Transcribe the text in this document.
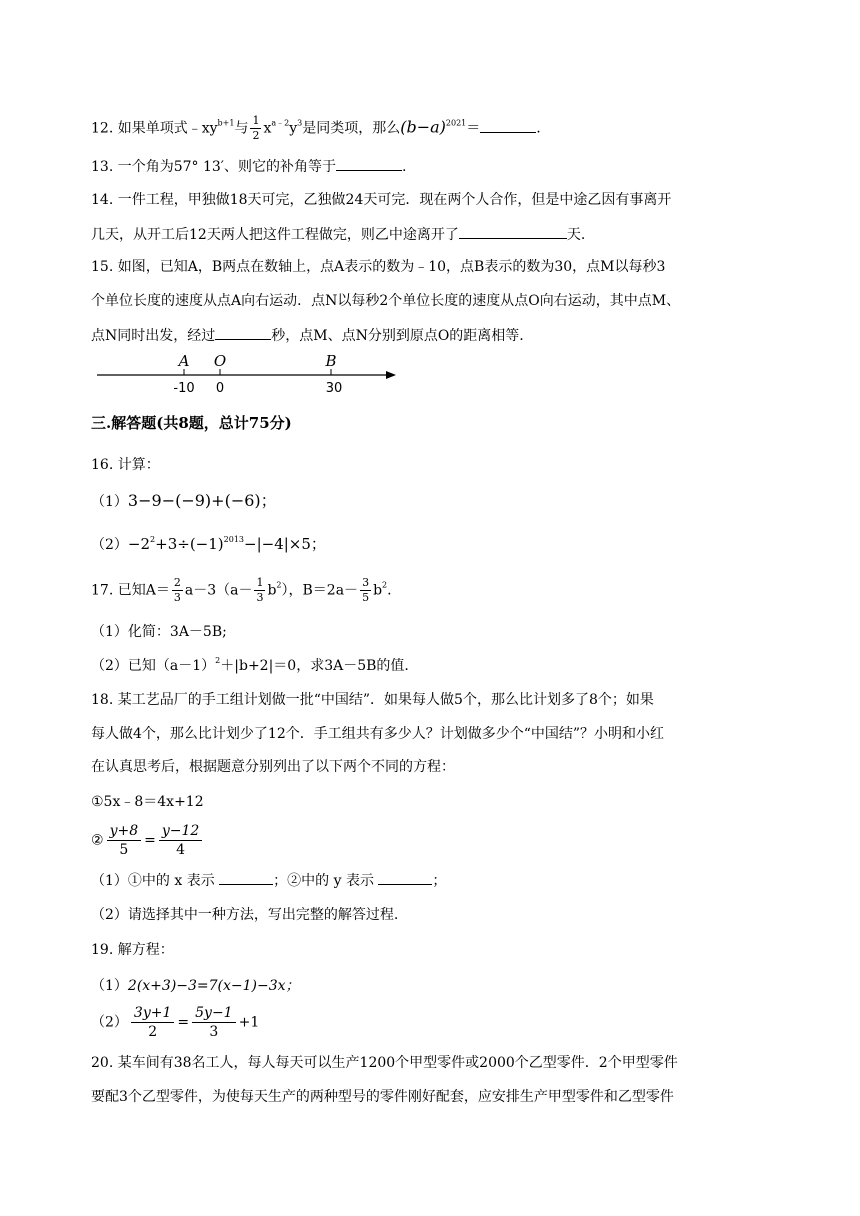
12. 如果单项式$﹣xy^{b+1}$与 $\frac{1}{2} x^{a﹣2}y^3$是同类项，那么$(b-a)^{2021}=$	.
13. 一个角为57° 13′、则它的补角等于	.
14. 一件工程，甲独做18天可完，乙独做24天可完．现在两个人合作，但是中途乙因有事离开
几天，从开工后12天两人把这件工程做完，则乙中途离开了	天.
15. 如图，已知A，B两点在数轴上，点A表示的数为﹣10，点B表示的数为30，点M以每秒3
个单位长度的速度从点A向右运动．点N以每秒2个单位长度的速度从点O向右运动，其中点M、
点N同时出发，经过	秒，点M、点N分别到原点O的距离相等.
A O	B
-10 0	30
三.解答题(共8题，总计75分)
16. 计算：
（1）3−9−(−9)+(−6)；
$(2)-2^2+3\div(-1)^{2013}-|-4|\times 5$；
17. 已知$A= \frac{2}{3} a-3(a- \frac{1}{3} b^2)$，$B=2a- \frac{3}{5} b^2$.
（1）化简：3A－5B;
（2）已知$(a-1)^2+|b+2|=0$，求3A－5B的值.
18. 某工艺品厂的手工组计划做一批“中国结”．如果每人做5个，那么比计划多了8个；如果
每人做4个，那么比计划少了12个．手工组共有多少人？计划做多少个“中国结”？小明和小红
在认真思考后，根据题意分别列出了以下两个不同的方程：
①5x﹣8＝4x+12
② $\frac{y+8}{5} = \frac{y-12}{4}$
（1）①中的 x 表示	；②中的 y 表示	；
（2）请选择其中一种方法，写出完整的解答过程.
19. 解方程：
（1）2(x+3)−3=7(x−1)−3x；
$(2) \frac{3y+1}{2} = \frac{5y-1}{3} +1$
20. 某车间有38名工人，每人每天可以生产1200个甲型零件或2000个乙型零件．2个甲型零件
要配3个乙型零件，为使每天生产的两种型号的零件刚好配套，应安排生产甲型零件和乙型零件
